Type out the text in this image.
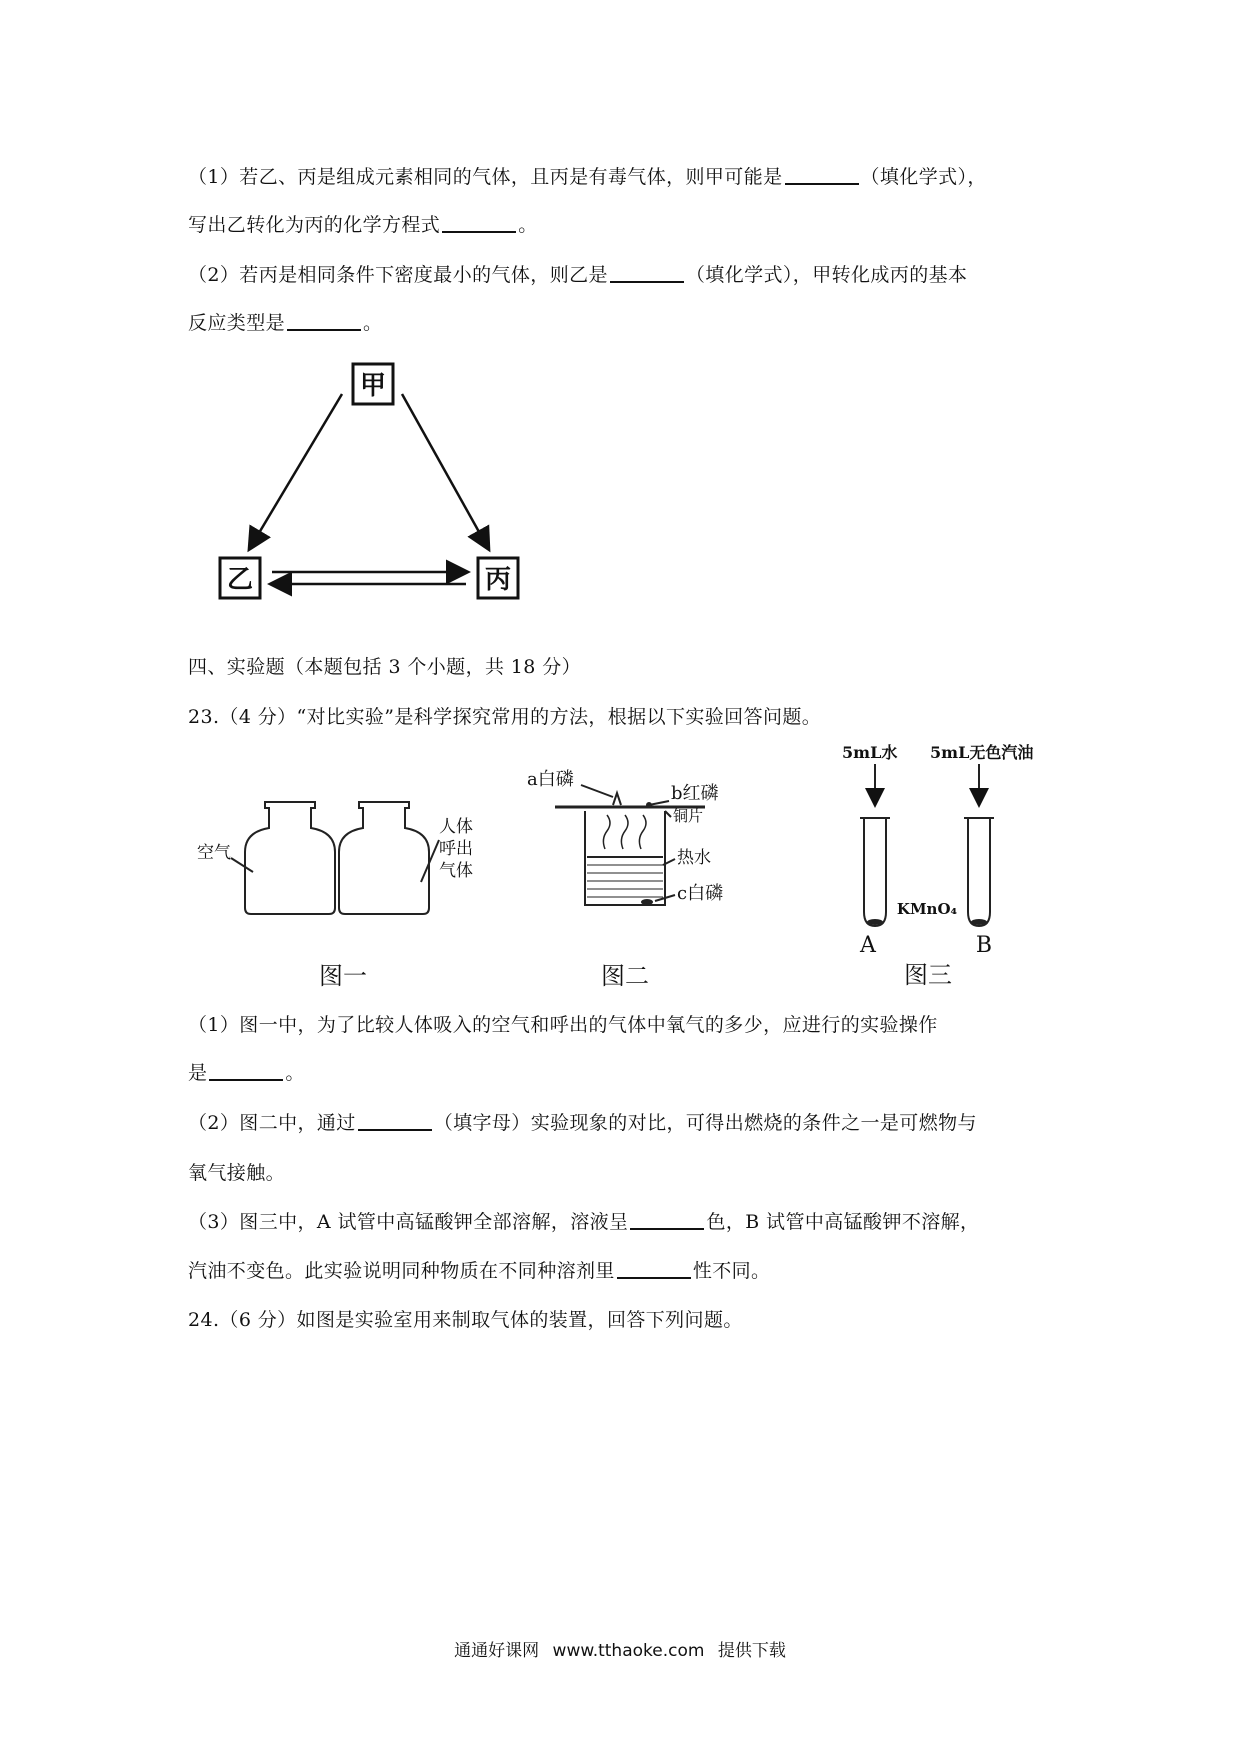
（1）若乙、丙是组成元素相同的气体，且丙是有毒气体，则甲可能是	（填化学式），
写出乙转化为丙的化学方程式	。
（2）若丙是相同条件下密度最小的气体，则乙是	（填化学式），甲转化成丙的基本
反应类型是	。
甲
乙	丙
四、实验题（本题包括 3 个小题，共 18 分）
23.（4 分）“对比实验”是科学探究常用的方法，根据以下实验回答问题。
空气
人体
呼出
气体
图一
a白磷
b红磷
铜片
热水
c白磷
图二
5mL水 5mL无色汽油
KMnO₄
A	B
图三
（1）图一中，为了比较人体吸入的空气和呼出的气体中氧气的多少，应进行的实验操作
是	。
（2）图二中，通过	（填字母）实验现象的对比，可得出燃烧的条件之一是可燃物与
氧气接触。
（3）图三中，A 试管中高锰酸钾全部溶解，溶液呈	色，B 试管中高锰酸钾不溶解，
汽油不变色。此实验说明同种物质在不同种溶剂里	性不同。
24.（6 分）如图是实验室用来制取气体的装置，回答下列问题。
通通好课网 www.tthaoke.com 提供下载
